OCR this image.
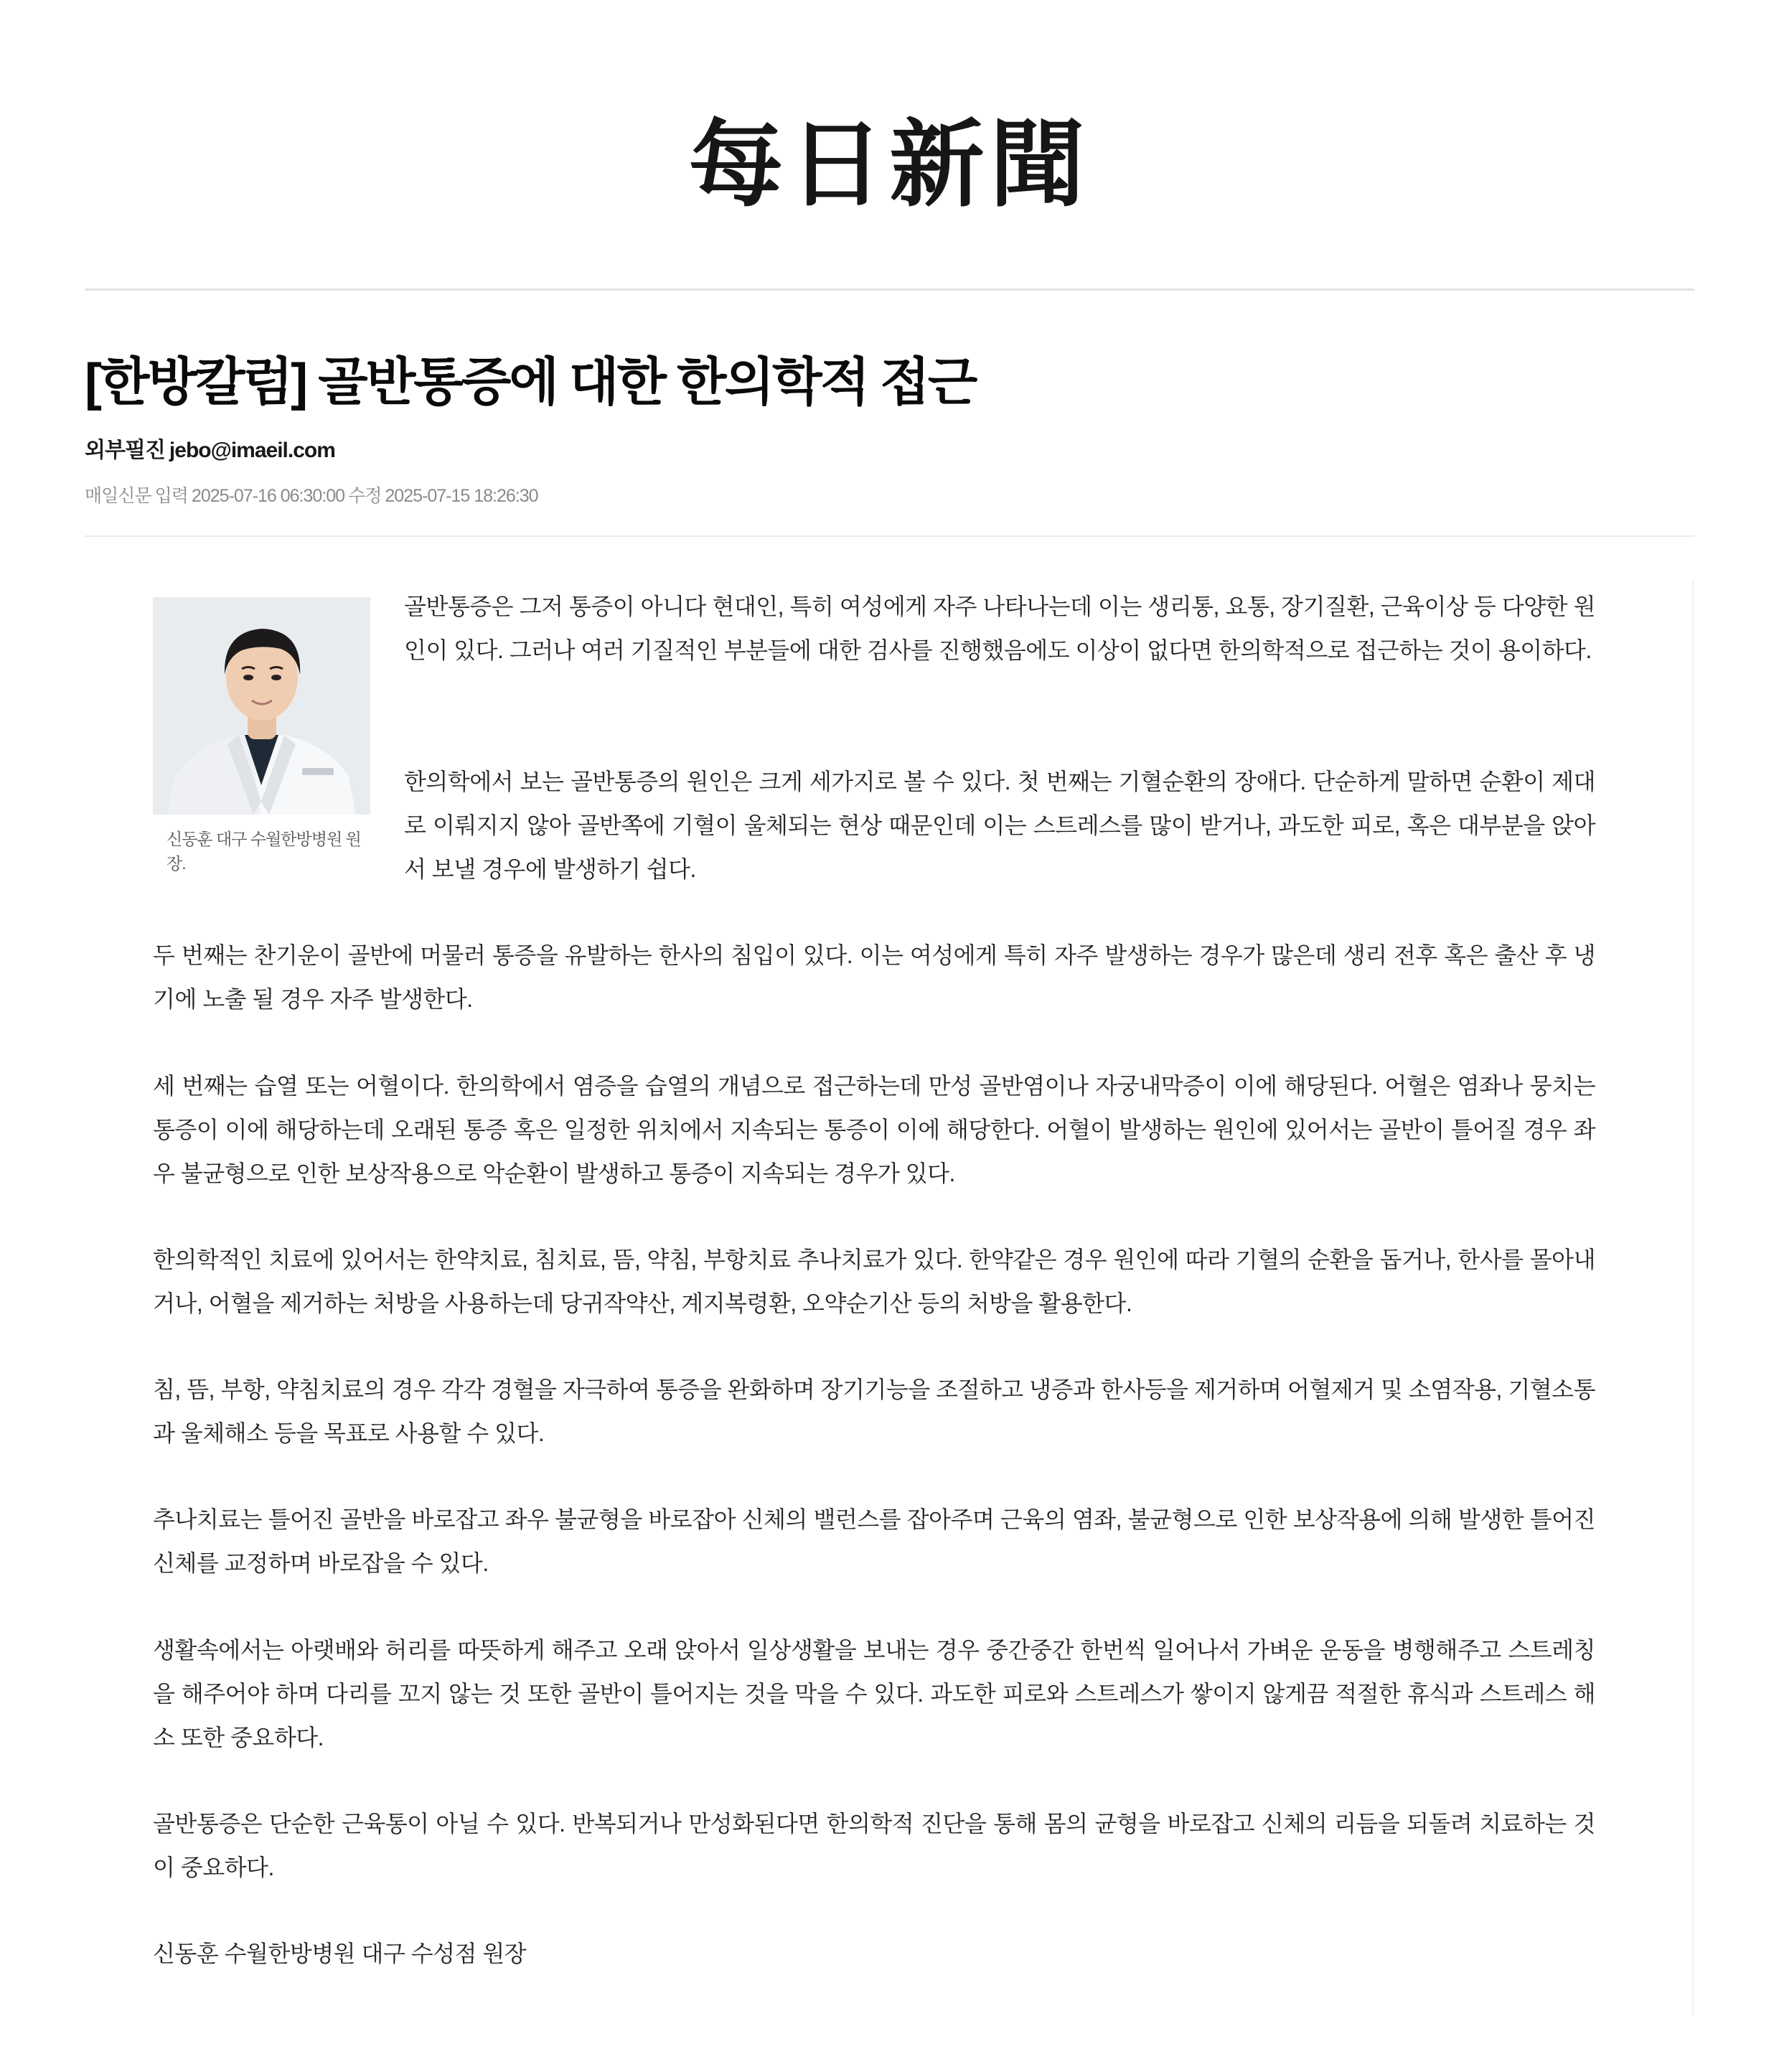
每日新聞
[한방칼럼] 골반통증에 대한 한의학적 접근
외부필진 jebo@imaeil.com
매일신문 입력 2025-07-16 06:30:00 수정 2025-07-15 18:26:30
신동훈 대구 수월한방병원 원장.

골반통증은 그저 통증이 아니다 현대인, 특히 여성에게 자주 나타나는데 이는 생리통, 요통, 장기질환, 근육이상 등 다양한 원인이 있다. 그러나 여러 기질적인 부분들에 대한 검사를 진행했음에도 이상이 없다면 한의학적으로 접근하는 것이 용이하다.

한의학에서 보는 골반통증의 원인은 크게 세가지로 볼 수 있다. 첫 번째는 기혈순환의 장애다. 단순하게 말하면 순환이 제대로 이뤄지지 않아 골반쪽에 기혈이 울체되는 현상 때문인데 이는 스트레스를 많이 받거나, 과도한 피로, 혹은 대부분을 앉아서 보낼 경우에 발생하기 쉽다.

두 번째는 찬기운이 골반에 머물러 통증을 유발하는 한사의 침입이 있다. 이는 여성에게 특히 자주 발생하는 경우가 많은데 생리 전후 혹은 출산 후 냉기에 노출 될 경우 자주 발생한다.

세 번째는 습열 또는 어혈이다. 한의학에서 염증을 습열의 개념으로 접근하는데 만성 골반염이나 자궁내막증이 이에 해당된다. 어혈은 염좌나 뭉치는 통증이 이에 해당하는데 오래된 통증 혹은 일정한 위치에서 지속되는 통증이 이에 해당한다. 어혈이 발생하는 원인에 있어서는 골반이 틀어질 경우 좌우 불균형으로 인한 보상작용으로 악순환이 발생하고 통증이 지속되는 경우가 있다.

한의학적인 치료에 있어서는 한약치료, 침치료, 뜸, 약침, 부항치료 추나치료가 있다. 한약같은 경우 원인에 따라 기혈의 순환을 돕거나, 한사를 몰아내거나, 어혈을 제거하는 처방을 사용하는데 당귀작약산, 계지복령환, 오약순기산 등의 처방을 활용한다.

침, 뜸, 부항, 약침치료의 경우 각각 경혈을 자극하여 통증을 완화하며 장기기능을 조절하고 냉증과 한사등을 제거하며 어혈제거 및 소염작용, 기혈소통과 울체해소 등을 목표로 사용할 수 있다.

추나치료는 틀어진 골반을 바로잡고 좌우 불균형을 바로잡아 신체의 밸런스를 잡아주며 근육의 염좌, 불균형으로 인한 보상작용에 의해 발생한 틀어진 신체를 교정하며 바로잡을 수 있다.

생활속에서는 아랫배와 허리를 따뜻하게 해주고 오래 앉아서 일상생활을 보내는 경우 중간중간 한번씩 일어나서 가벼운 운동을 병행해주고 스트레칭을 해주어야 하며 다리를 꼬지 않는 것 또한 골반이 틀어지는 것을 막을 수 있다. 과도한 피로와 스트레스가 쌓이지 않게끔 적절한 휴식과 스트레스 해소 또한 중요하다.

골반통증은 단순한 근육통이 아닐 수 있다. 반복되거나 만성화된다면 한의학적 진단을 통해 몸의 균형을 바로잡고 신체의 리듬을 되돌려 치료하는 것이 중요하다.

신동훈 수월한방병원 대구 수성점 원장
